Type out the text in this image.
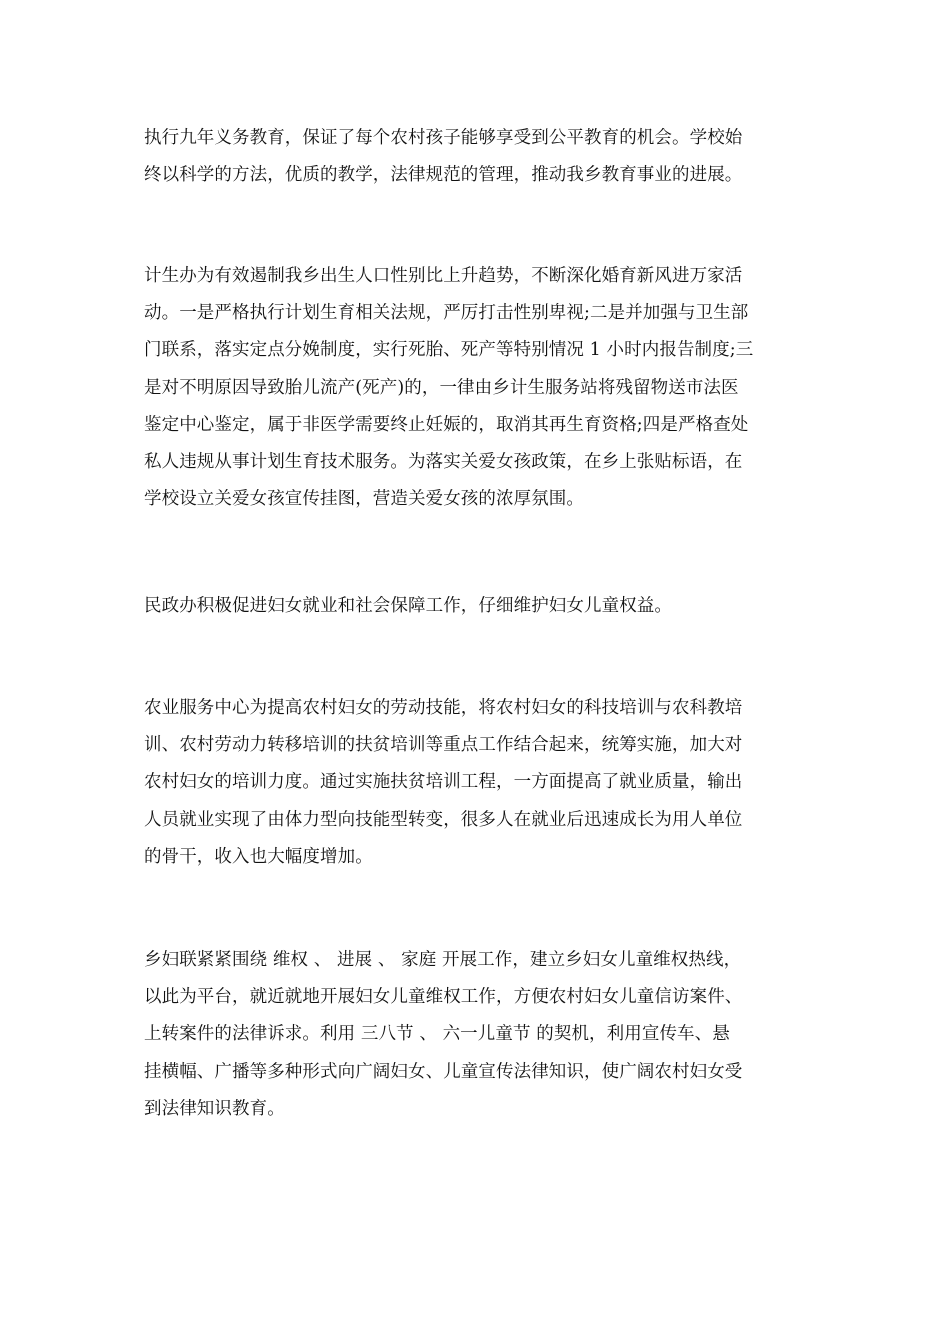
执行九年义务教育，保证了每个农村孩子能够享受到公平教育的机会。学校始
终以科学的方法，优质的教学，法律规范的管理，推动我乡教育事业的进展。
计生办为有效遏制我乡出生人口性别比上升趋势，不断深化婚育新风进万家活
动。一是严格执行计划生育相关法规，严厉打击性别卑视;二是并加强与卫生部
门联系，落实定点分娩制度，实行死胎、死产等特别情况 1 小时内报告制度;三
是对不明原因导致胎儿流产(死产)的，一律由乡计生服务站将残留物送市法医
鉴定中心鉴定，属于非医学需要终止妊娠的，取消其再生育资格;四是严格查处
私人违规从事计划生育技术服务。为落实关爱女孩政策，在乡上张贴标语，在
学校设立关爱女孩宣传挂图，营造关爱女孩的浓厚氛围。
民政办积极促进妇女就业和社会保障工作，仔细维护妇女儿童权益。
农业服务中心为提高农村妇女的劳动技能，将农村妇女的科技培训与农科教培
训、农村劳动力转移培训的扶贫培训等重点工作结合起来，统筹实施，加大对
农村妇女的培训力度。通过实施扶贫培训工程，一方面提高了就业质量，输出
人员就业实现了由体力型向技能型转变，很多人在就业后迅速成长为用人单位
的骨干，收入也大幅度增加。
乡妇联紧紧围绕 维权 、 进展 、 家庭 开展工作，建立乡妇女儿童维权热线，
以此为平台，就近就地开展妇女儿童维权工作，方便农村妇女儿童信访案件、
上转案件的法律诉求。利用 三八节 、 六一儿童节 的契机，利用宣传车、悬
挂横幅、广播等多种形式向广阔妇女、儿童宣传法律知识，使广阔农村妇女受
到法律知识教育。
